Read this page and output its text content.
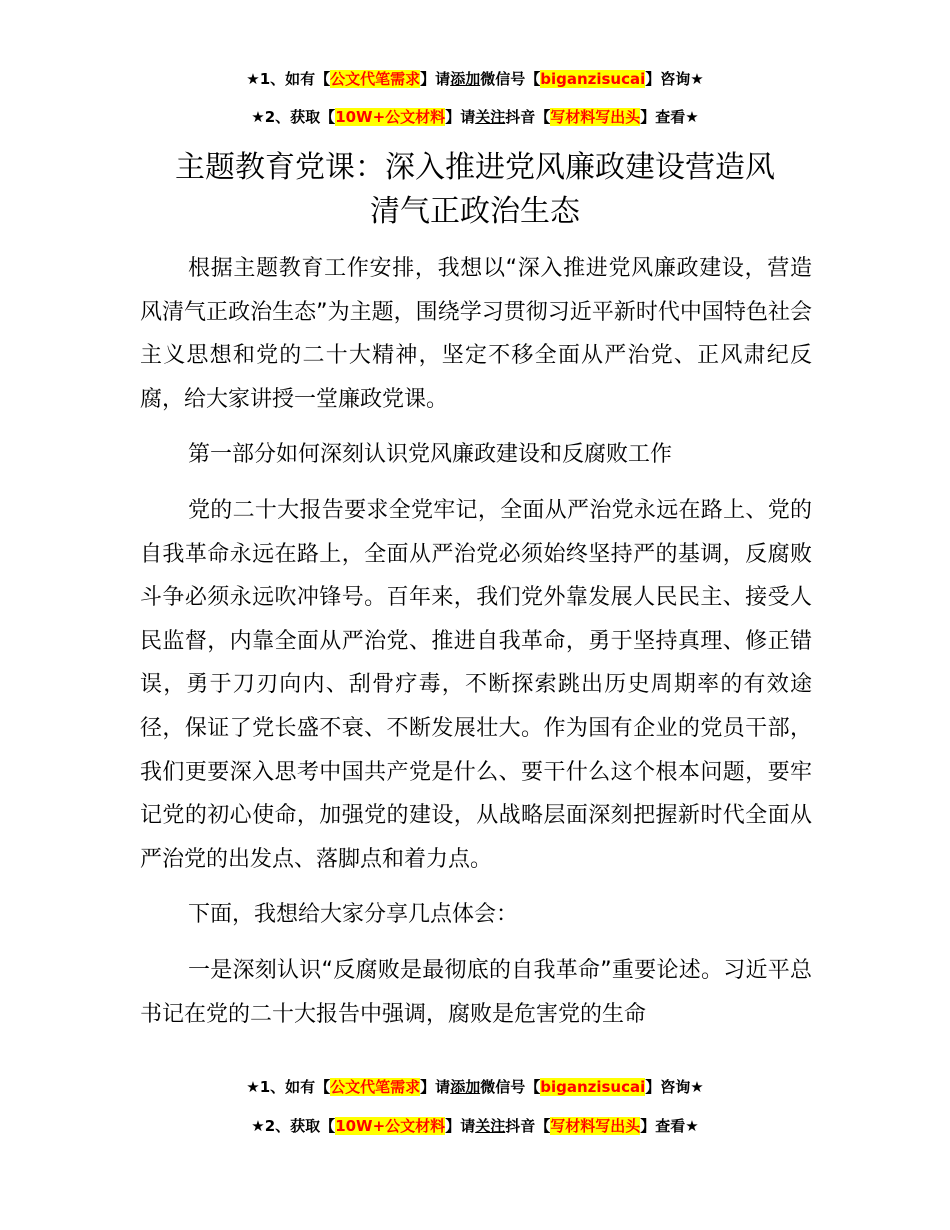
★1、如有【公文代笔需求】请添加微信号【biganzisucai】咨询★
★2、获取【10W+公文材料】请关注抖音【写材料写出头】查看★
主题教育党课：深入推进党风廉政建设营造风
清气正政治生态

根据主题教育工作安排，我想以“深入推进党风廉政建设，营造风清气正政治生态”为主题，围绕学习贯彻习近平新时代中国特色社会主义思想和党的二十大精神，坚定不移全面从严治党、正风肃纪反腐，给大家讲授一堂廉政党课。

第一部分如何深刻认识党风廉政建设和反腐败工作

党的二十大报告要求全党牢记，全面从严治党永远在路上、党的自我革命永远在路上，全面从严治党必须始终坚持严的基调，反腐败斗争必须永远吹冲锋号。百年来，我们党外靠发展人民民主、接受人民监督，内靠全面从严治党、推进自我革命，勇于坚持真理、修正错误，勇于刀刃向内、刮骨疗毒，不断探索跳出历史周期率的有效途径，保证了党长盛不衰、不断发展壮大。作为国有企业的党员干部，我们更要深入思考中国共产党是什么、要干什么这个根本问题，要牢记党的初心使命，加强党的建设，从战略层面深刻把握新时代全面从严治党的出发点、落脚点和着力点。

下面，我想给大家分享几点体会：

一是深刻认识“反腐败是最彻底的自我革命”重要论述。习近平总书记在党的二十大报告中强调，腐败是危害党的生命

★1、如有【公文代笔需求】请添加微信号【biganzisucai】咨询★
★2、获取【10W+公文材料】请关注抖音【写材料写出头】查看★
